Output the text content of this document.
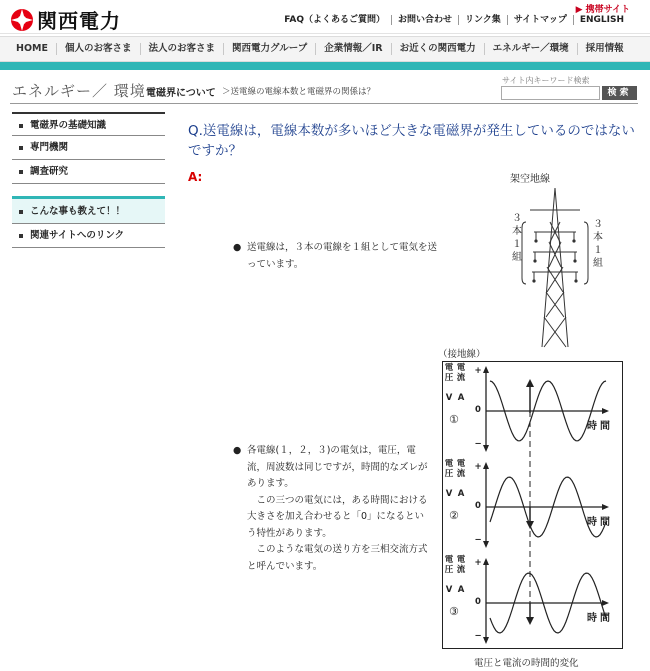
関西電力	▶ 携帯サイト
FAQ（よくあるご質問）	お問い合わせ	リンク集	サイトマップ	ENGLISH
HOME	個人のお客さま	法人のお客さま	関西電力グループ	企業情報／IR	お近くの関西電力	エネルギー／環境	採用情報
エネルギー／ 環境 電磁界について ＞送電線の電線本数と電磁界の関係は？
サイト内キーワード検索
検索
電磁界の基礎知識
専門機関
調査研究
こんな事も教えて！！
関連サイトへのリンク
Q.送電線は，電線本数が多いほど大きな電磁界が発生しているのではないですか？
A:
● 送電線は，３本の電線を１組として電気を送っています。
● 各電線(１，２，３)の電気は，電圧，電流，周波数は同じですが，時間的なズレがあります。
この三つの電気には，ある時間における大きさを加え合わせると「0」になるという特性があります。
このような電気の送り方を三相交流方式と呼んでいます。
架空地線
３本１組
３本１組
（接地線）
電圧
電流
V A
+
0
−
①
時間
電圧
電流
V A
+
0
−
②
時間
電圧
電流
V A
+
0
−
③
時間
電圧と電流の時間的変化
